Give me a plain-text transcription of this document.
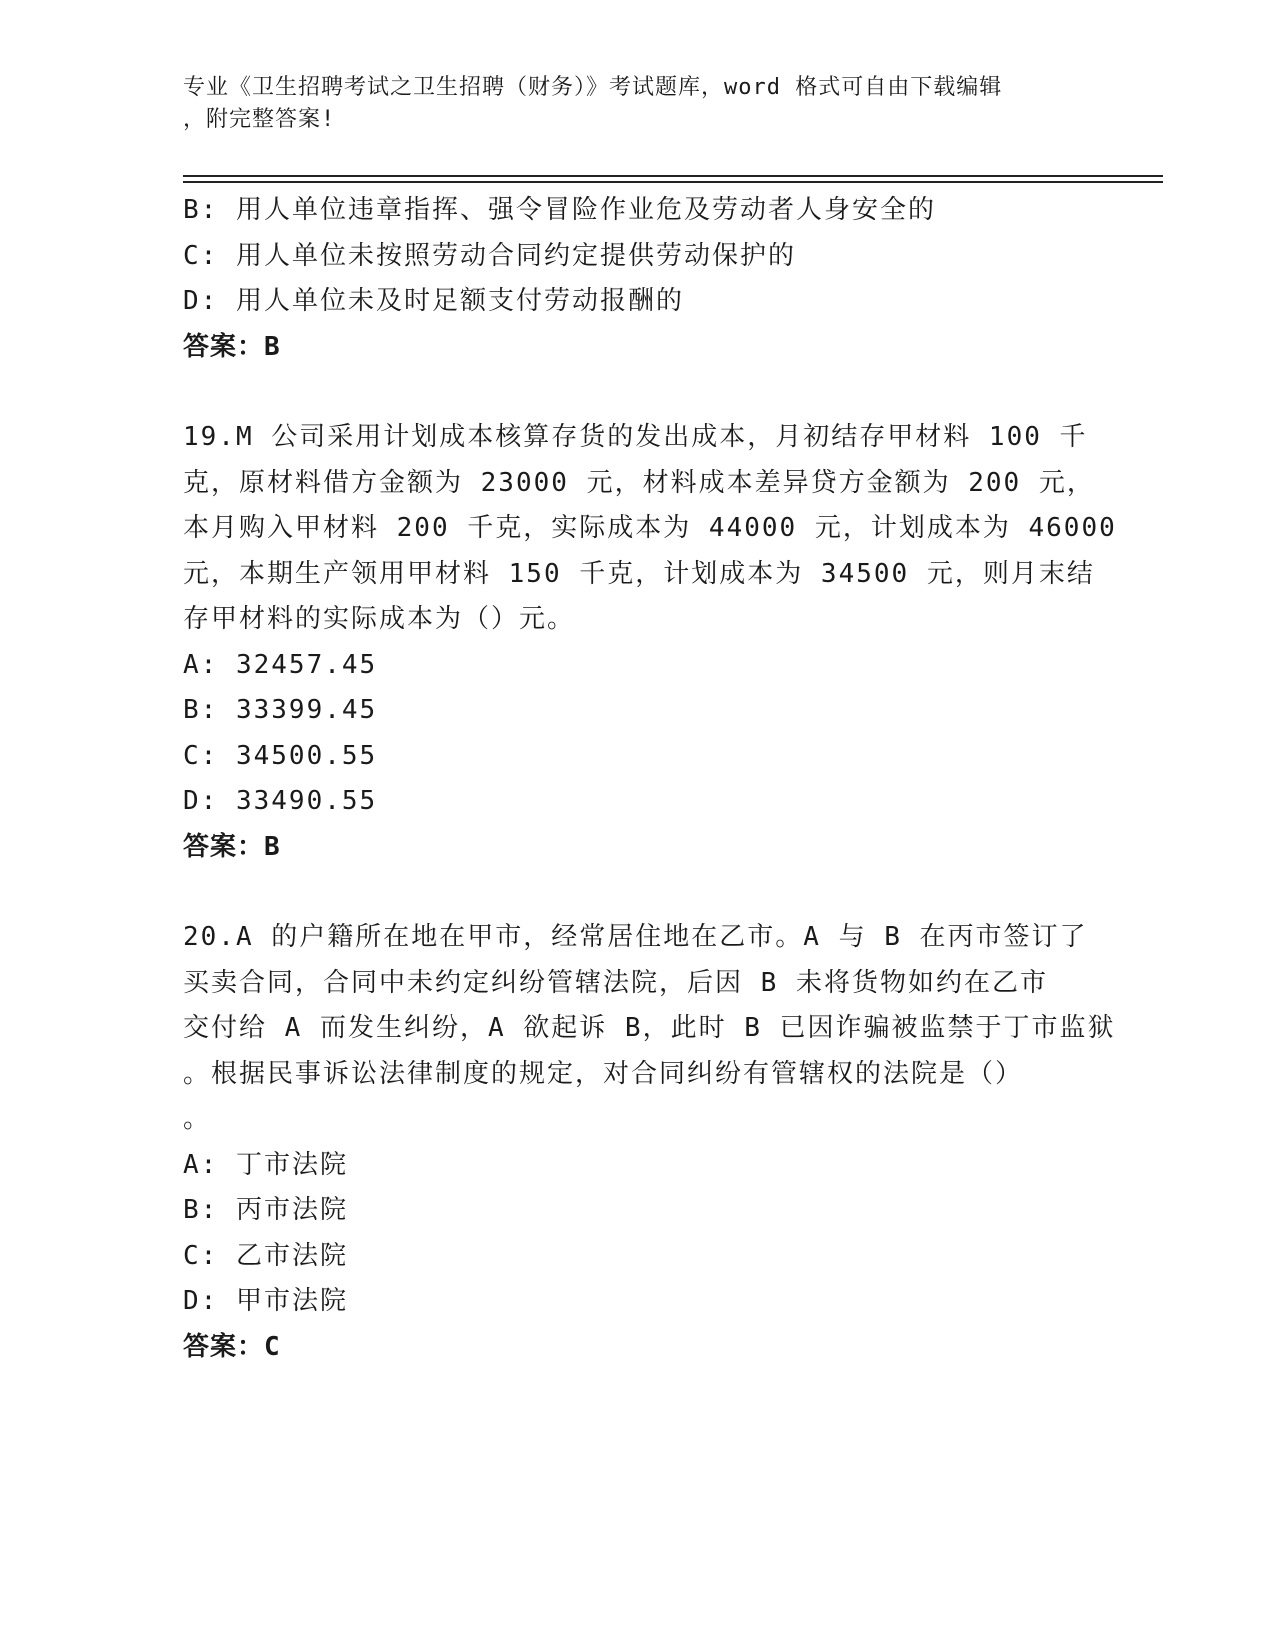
专业《卫生招聘考试之卫生招聘（财务）》考试题库，word 格式可自由下载编辑
，附完整答案!
B: 用人单位违章指挥、强令冒险作业危及劳动者人身安全的
C: 用人单位未按照劳动合同约定提供劳动保护的
D: 用人单位未及时足额支付劳动报酬的
答案：B
19.M 公司采用计划成本核算存货的发出成本，月初结存甲材料 100 千
克，原材料借方金额为 23000 元，材料成本差异贷方金额为 200 元，
本月购入甲材料 200 千克，实际成本为 44000 元，计划成本为 46000
元，本期生产领用甲材料 150 千克，计划成本为 34500 元，则月末结
存甲材料的实际成本为（）元。
A: 32457.45
B: 33399.45
C: 34500.55
D: 33490.55
答案：B
20.A 的户籍所在地在甲市，经常居住地在乙市。A 与 B 在丙市签订了
买卖合同，合同中未约定纠纷管辖法院，后因 B 未将货物如约在乙市
交付给 A 而发生纠纷，A 欲起诉 B，此时 B 已因诈骗被监禁于丁市监狱
。根据民事诉讼法律制度的规定，对合同纠纷有管辖权的法院是（）
。
A: 丁市法院
B: 丙市法院
C: 乙市法院
D: 甲市法院
答案：C
